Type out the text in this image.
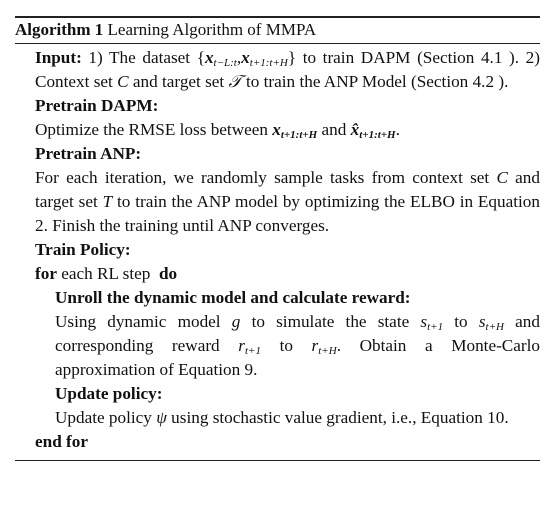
Algorithm 1 Learning Algorithm of MMPA
Input: 1) The dataset $\{x_{t-L:t},x_{t+1:t+H}\}$ to train DAPM (Section 4.1 ). 2) Context set C and target set 𝒯 to train the ANP Model (Section 4.2 ).
Pretrain DAPM:
Optimize the RMSE loss between $x_{t+1:t+H}$ and $x̂_{t+1:t+H}$.
Pretrain ANP:
For each iteration, we randomly sample tasks from context set C and target set T to train the ANP model by optimizing the ELBO in Equation 2. Finish the training until ANP converges.
Train Policy:
for each RL step do
Unroll the dynamic model and calculate reward:
Using dynamic model g to simulate the state $s_{t+1}$ to $s_{t+H}$ and corresponding reward $r_{t+1}$ to $r_{t+H}$. Obtain a Monte-Carlo approximation of Equation 9.
Update policy:
Update policy ψ using stochastic value gradient, i.e., Equation 10.
end for
